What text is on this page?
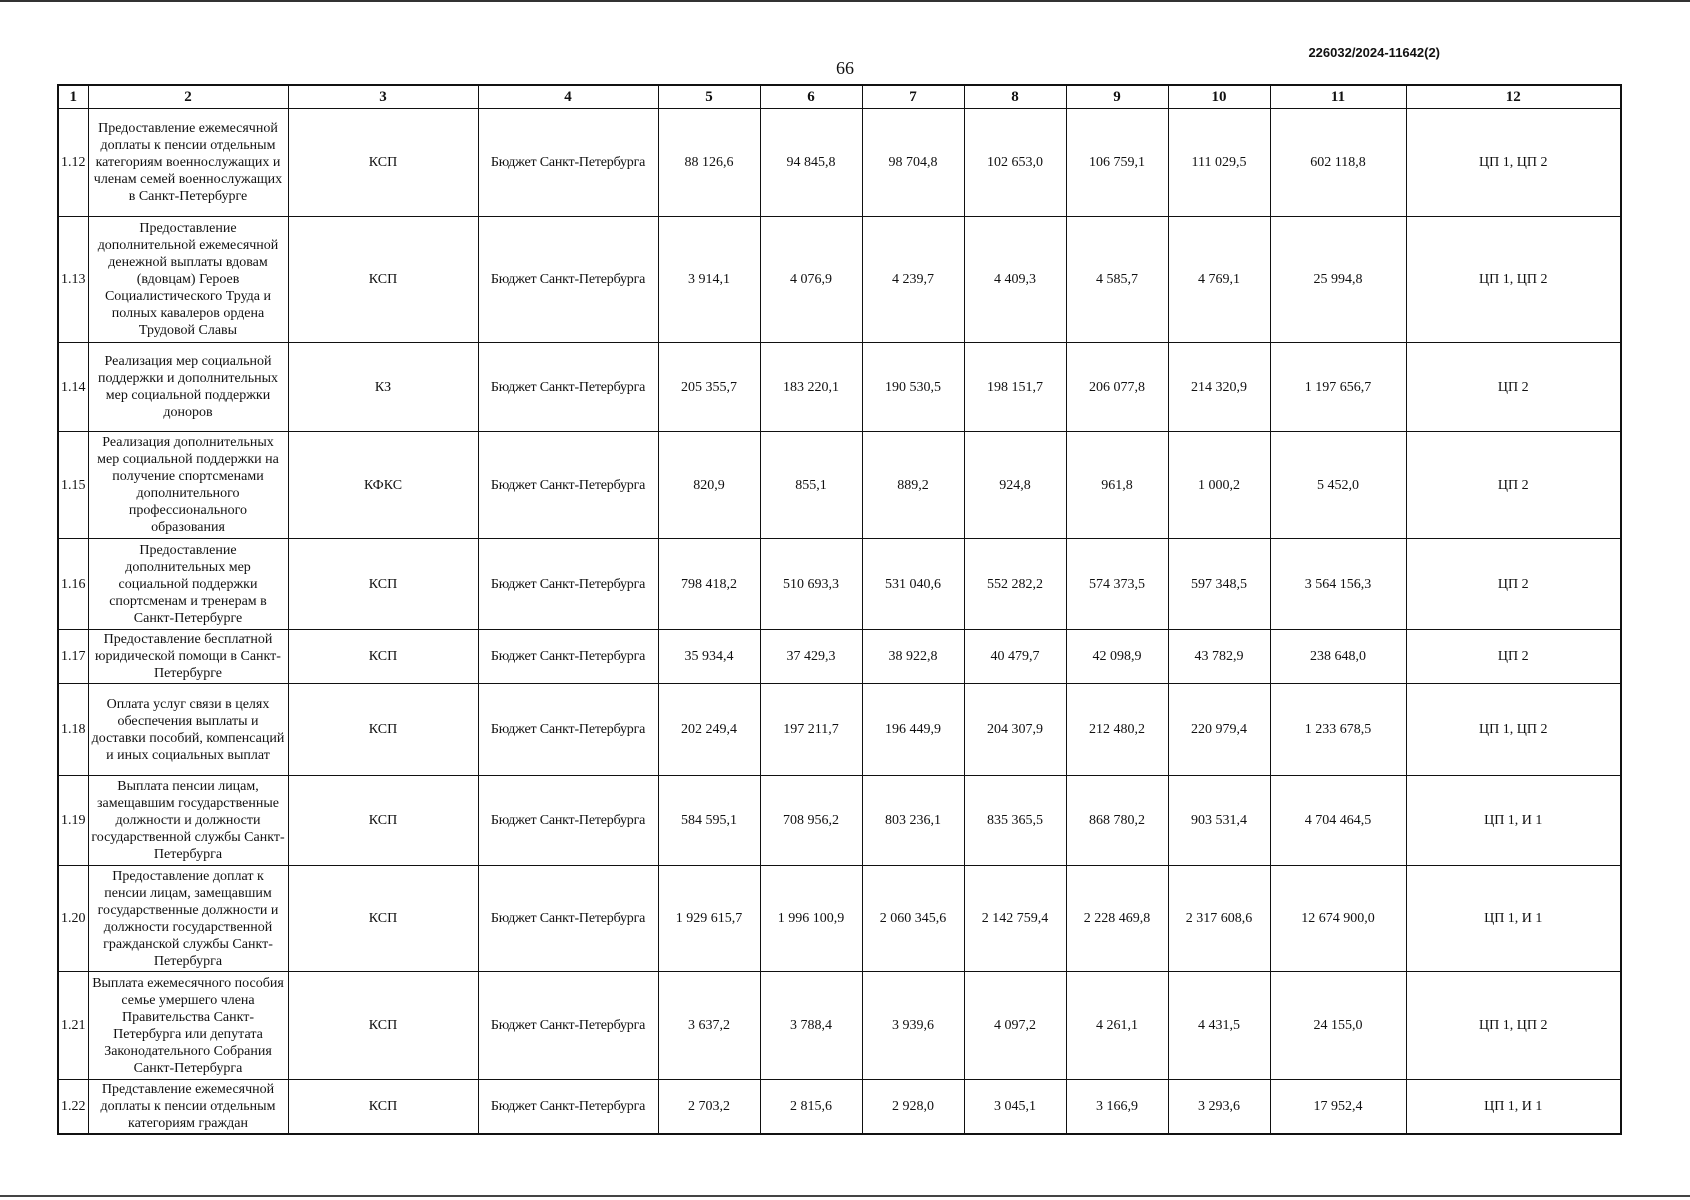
226032/2024-11642(2)
66
1	2	3	4	5	6	7	8	9	10	11	12
1.12	Предоставление ежемесячной доплаты к пенсии отдельным категориям военнослужащих и членам семей военнослужащих в Санкт-Петербурге	КСП	Бюджет Санкт-Петербурга	88 126,6	94 845,8	98 704,8	102 653,0	106 759,1	111 029,5	602 118,8	ЦП 1, ЦП 2
1.13	Предоставление дополнительной ежемесячной денежной выплаты вдовам (вдовцам) Героев Социалистического Труда и полных кавалеров ордена Трудовой Славы	КСП	Бюджет Санкт-Петербурга	3 914,1	4 076,9	4 239,7	4 409,3	4 585,7	4 769,1	25 994,8	ЦП 1, ЦП 2
1.14	Реализация мер социальной поддержки и дополнительных мер социальной поддержки доноров	КЗ	Бюджет Санкт-Петербурга	205 355,7	183 220,1	190 530,5	198 151,7	206 077,8	214 320,9	1 197 656,7	ЦП 2
1.15	Реализация дополнительных мер социальной поддержки на получение спортсменами дополнительного профессионального образования	КФКС	Бюджет Санкт-Петербурга	820,9	855,1	889,2	924,8	961,8	1 000,2	5 452,0	ЦП 2
1.16	Предоставление дополнительных мер социальной поддержки спортсменам и тренерам в Санкт-Петербурге	КСП	Бюджет Санкт-Петербурга	798 418,2	510 693,3	531 040,6	552 282,2	574 373,5	597 348,5	3 564 156,3	ЦП 2
1.17	Предоставление бесплатной юридической помощи в Санкт-Петербурге	КСП	Бюджет Санкт-Петербурга	35 934,4	37 429,3	38 922,8	40 479,7	42 098,9	43 782,9	238 648,0	ЦП 2
1.18	Оплата услуг связи в целях обеспечения выплаты и доставки пособий, компенсаций и иных социальных выплат	КСП	Бюджет Санкт-Петербурга	202 249,4	197 211,7	196 449,9	204 307,9	212 480,2	220 979,4	1 233 678,5	ЦП 1, ЦП 2
1.19	Выплата пенсии лицам, замещавшим государственные должности и должности государственной службы Санкт-Петербурга	КСП	Бюджет Санкт-Петербурга	584 595,1	708 956,2	803 236,1	835 365,5	868 780,2	903 531,4	4 704 464,5	ЦП 1, И 1
1.20	Предоставление доплат к пенсии лицам, замещавшим государственные должности и должности государственной гражданской службы Санкт-Петербурга	КСП	Бюджет Санкт-Петербурга	1 929 615,7	1 996 100,9	2 060 345,6	2 142 759,4	2 228 469,8	2 317 608,6	12 674 900,0	ЦП 1, И 1
1.21	Выплата ежемесячного пособия семье умершего члена Правительства Санкт-Петербурга или депутата Законодательного Собрания Санкт-Петербурга	КСП	Бюджет Санкт-Петербурга	3 637,2	3 788,4	3 939,6	4 097,2	4 261,1	4 431,5	24 155,0	ЦП 1, ЦП 2
1.22	Представление ежемесячной доплаты к пенсии отдельным категориям граждан	КСП	Бюджет Санкт-Петербурга	2 703,2	2 815,6	2 928,0	3 045,1	3 166,9	3 293,6	17 952,4	ЦП 1, И 1
